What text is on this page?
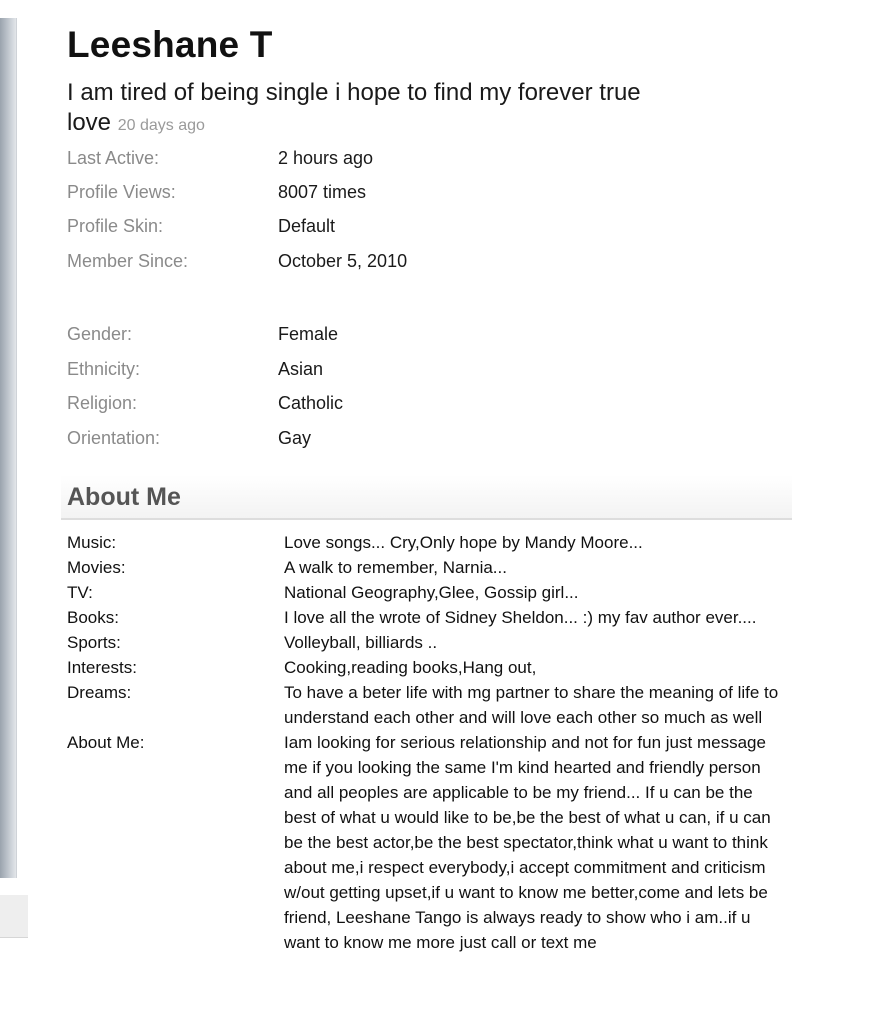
Leeshane T
I am tired of being single i hope to find my forever true love 20 days ago
Last Active:	2 hours ago
Profile Views:	8007 times
Profile Skin:	Default
Member Since:	October 5, 2010
Gender:	Female
Ethnicity:	Asian
Religion:	Catholic
Orientation:	Gay
About Me
Music:	Love songs... Cry,Only hope by Mandy Moore...
Movies:	A walk to remember, Narnia...
TV:	National Geography,Glee, Gossip girl...
Books:	I love all the wrote of Sidney Sheldon... :) my fav author ever....
Sports:	Volleyball, billiards ..
Interests:	Cooking,reading books,Hang out,
Dreams:	To have a beter life with mg partner to share the meaning of life to understand each other and will love each other so much as well
About Me:	Iam looking for serious relationship and not for fun just message me if you looking the same I'm kind hearted and friendly person and all peoples are applicable to be my friend... If u can be the best of what u would like to be,be the best of what u can, if u can be the best actor,be the best spectator,think what u want to think about me,i respect everybody,i accept commitment and criticism w/out getting upset,if u want to know me better,come and lets be friend, Leeshane Tango is always ready to show who i am..if u want to know me more just call or text me
